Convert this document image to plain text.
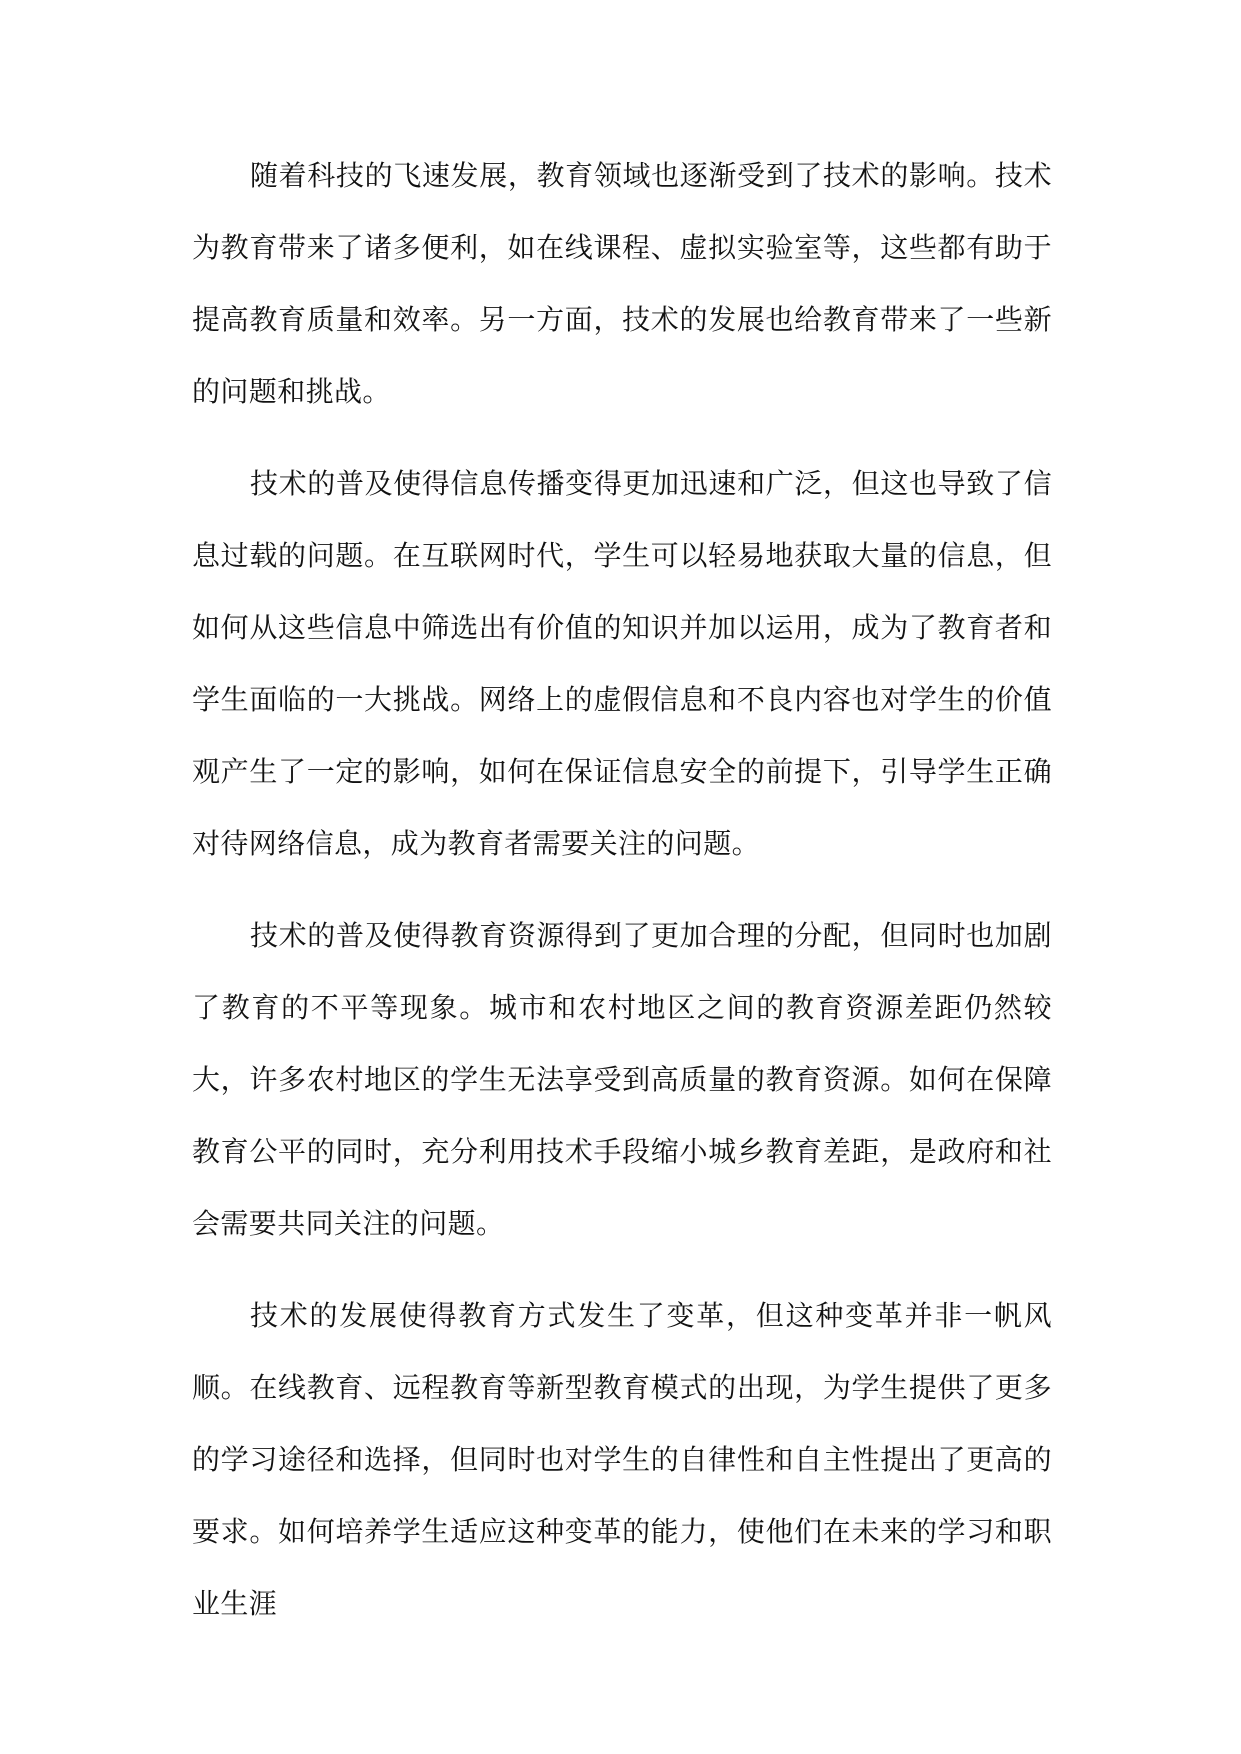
随着科技的飞速发展，教育领域也逐渐受到了技术的影响。技术为教育带来了诸多便利，如在线课程、虚拟实验室等，这些都有助于提高教育质量和效率。另一方面，技术的发展也给教育带来了一些新的问题和挑战。

技术的普及使得信息传播变得更加迅速和广泛，但这也导致了信息过载的问题。在互联网时代，学生可以轻易地获取大量的信息，但如何从这些信息中筛选出有价值的知识并加以运用，成为了教育者和学生面临的一大挑战。网络上的虚假信息和不良内容也对学生的价值观产生了一定的影响，如何在保证信息安全的前提下，引导学生正确对待网络信息，成为教育者需要关注的问题。

技术的普及使得教育资源得到了更加合理的分配，但同时也加剧了教育的不平等现象。城市和农村地区之间的教育资源差距仍然较大，许多农村地区的学生无法享受到高质量的教育资源。如何在保障教育公平的同时，充分利用技术手段缩小城乡教育差距，是政府和社会需要共同关注的问题。

技术的发展使得教育方式发生了变革，但这种变革并非一帆风顺。在线教育、远程教育等新型教育模式的出现，为学生提供了更多的学习途径和选择，但同时也对学生的自律性和自主性提出了更高的要求。如何培养学生适应这种变革的能力，使他们在未来的学习和职业生涯
